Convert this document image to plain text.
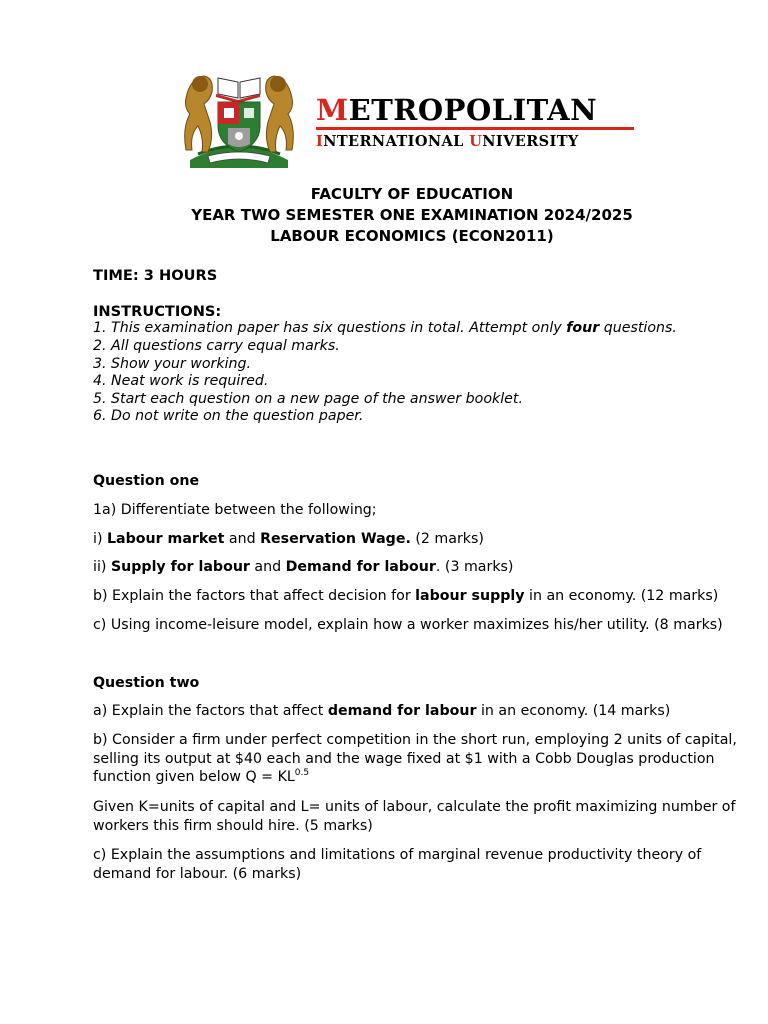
METROPOLITAN
INTERNATIONAL UNIVERSITY
FACULTY OF EDUCATION
YEAR TWO SEMESTER ONE EXAMINATION 2024/2025
LABOUR ECONOMICS (ECON2011)
TIME: 3 HOURS
INSTRUCTIONS:
1. This examination paper has six questions in total. Attempt only four questions.
2. All questions carry equal marks.
3. Show your working.
4. Neat work is required.
5. Start each question on a new page of the answer booklet.
6. Do not write on the question paper.
Question one
1a) Differentiate between the following;
i) Labour market and Reservation Wage. (2 marks)
ii) Supply for labour and Demand for labour. (3 marks)
b) Explain the factors that affect decision for labour supply in an economy. (12 marks)
c) Using income-leisure model, explain how a worker maximizes his/her utility. (8 marks)
Question two
a) Explain the factors that affect demand for labour in an economy. (14 marks)
b) Consider a firm under perfect competition in the short run, employing 2 units of capital,
selling its output at $40 each and the wage fixed at $1 with a Cobb Douglas production
function given below $Q = KL^{0.5}$
Given K=units of capital and L= units of labour, calculate the profit maximizing number of
workers this firm should hire. (5 marks)
c) Explain the assumptions and limitations of marginal revenue productivity theory of
demand for labour. (6 marks)
